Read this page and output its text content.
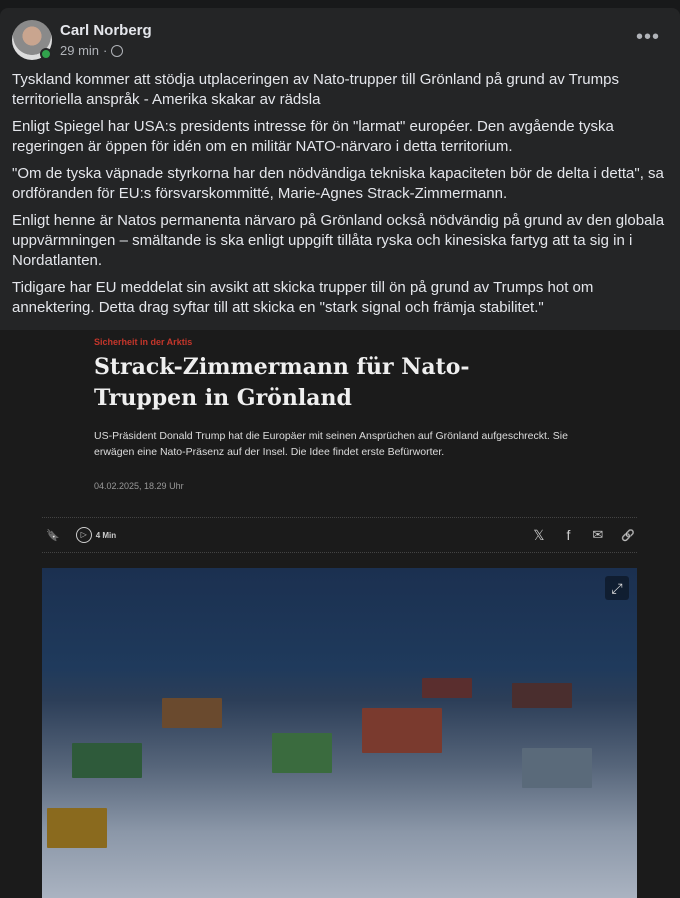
Carl Norberg
29 min ·
•••

Tyskland kommer att stödja utplaceringen av Nato-trupper till Grönland på grund av Trumps territoriella anspråk - Amerika skakar av rädsla

Enligt Spiegel har USA:s presidents intresse för ön "larmat" européer. Den avgående tyska regeringen är öppen för idén om en militär NATO-närvaro i detta territorium.

"Om de tyska väpnade styrkorna har den nödvändiga tekniska kapaciteten bör de delta i detta", sa ordföranden för EU:s försvarskommitté, Marie-Agnes Strack-Zimmermann.

Enligt henne är Natos permanenta närvaro på Grönland också nödvändig på grund av den globala uppvärmningen – smältande is ska enligt uppgift tillåta ryska och kinesiska fartyg att ta sig in i Nordatlanten.

Tidigare har EU meddelat sin avsikt att skicka trupper till ön på grund av Trumps hot om annektering. Detta drag syftar till att skicka en "stark signal och främja stabilitet."

Sicherheit in der Arktis
Strack-Zimmermann für Nato-Truppen in Grönland
US-Präsident Donald Trump hat die Europäer mit seinen Ansprüchen auf Grönland aufgeschreckt. Sie erwägen eine Nato-Präsenz auf der Insel. Die Idee findet erste Befürworter.
04.02.2025, 18.29 Uhr
🔖	▷	4 Min	𝕏 f ✉ 🔗
⤢
